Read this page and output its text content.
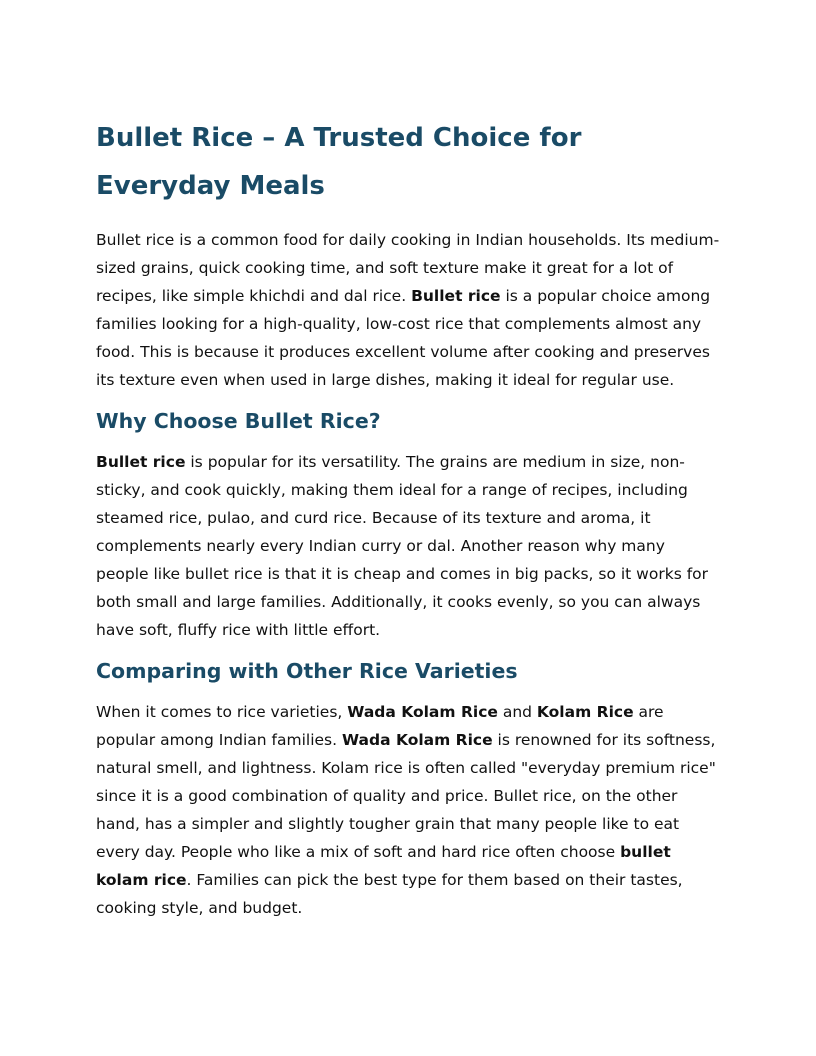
Bullet Rice – A Trusted Choice for Everyday Meals

Bullet rice is a common food for daily cooking in Indian households. Its medium-sized grains, quick cooking time, and soft texture make it great for a lot of recipes, like simple khichdi and dal rice. Bullet rice is a popular choice among families looking for a high-quality, low-cost rice that complements almost any food. This is because it produces excellent volume after cooking and preserves its texture even when used in large dishes, making it ideal for regular use.

Why Choose Bullet Rice?

Bullet rice is popular for its versatility. The grains are medium in size, non-sticky, and cook quickly, making them ideal for a range of recipes, including steamed rice, pulao, and curd rice. Because of its texture and aroma, it complements nearly every Indian curry or dal. Another reason why many people like bullet rice is that it is cheap and comes in big packs, so it works for both small and large families. Additionally, it cooks evenly, so you can always have soft, fluffy rice with little effort.

Comparing with Other Rice Varieties

When it comes to rice varieties, Wada Kolam Rice and Kolam Rice are popular among Indian families. Wada Kolam Rice is renowned for its softness, natural smell, and lightness. Kolam rice is often called "everyday premium rice" since it is a good combination of quality and price. Bullet rice, on the other hand, has a simpler and slightly tougher grain that many people like to eat every day. People who like a mix of soft and hard rice often choose bullet kolam rice. Families can pick the best type for them based on their tastes, cooking style, and budget.
